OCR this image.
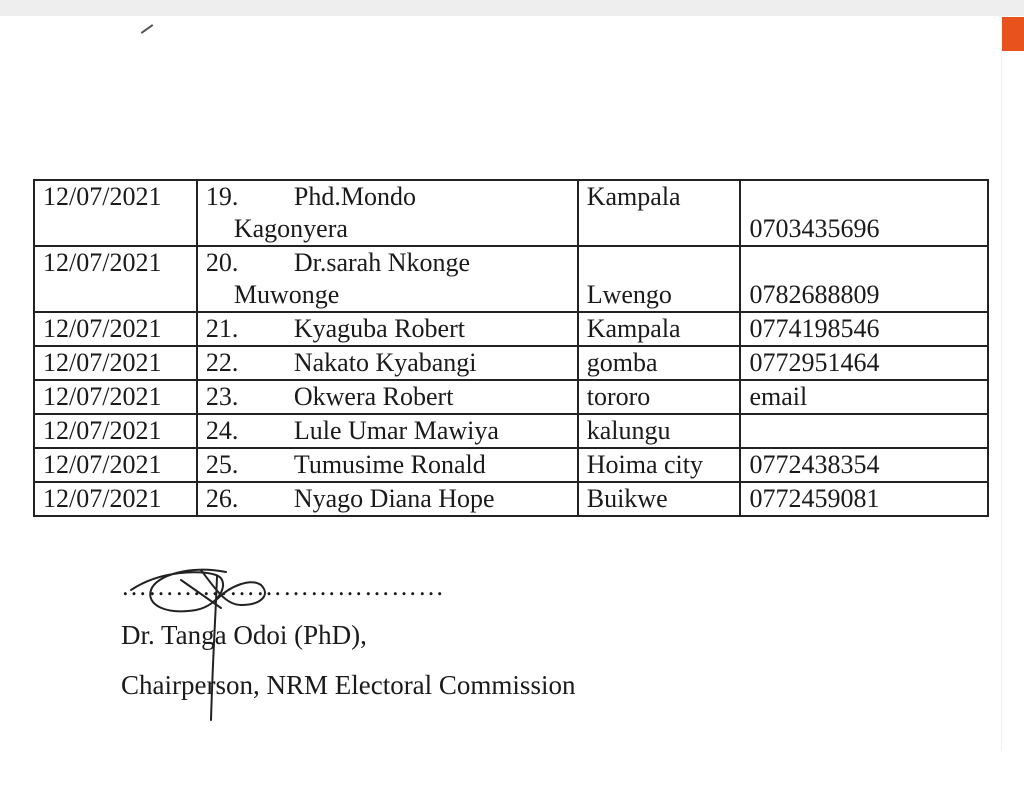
12/07/2021	19. Phd.Mondo
Kagonyera	Kampala	0703435696
12/07/2021	20. Dr.sarah Nkonge
Muwonge	Lwengo	0782688809
12/07/2021	21. Kyaguba Robert	Kampala	0774198546
12/07/2021	22. Nakato Kyabangi	gomba	0772951464
12/07/2021	23. Okwera Robert	tororo	email
12/07/2021	24. Lule Umar Mawiya	kalungu	
12/07/2021	25. Tumusime Ronald	Hoima city	0772438354
12/07/2021	26. Nyago Diana Hope	Buikwe	0772459081
………………………………
Dr. Tanga Odoi (PhD),
Chairperson, NRM Electoral Commission
